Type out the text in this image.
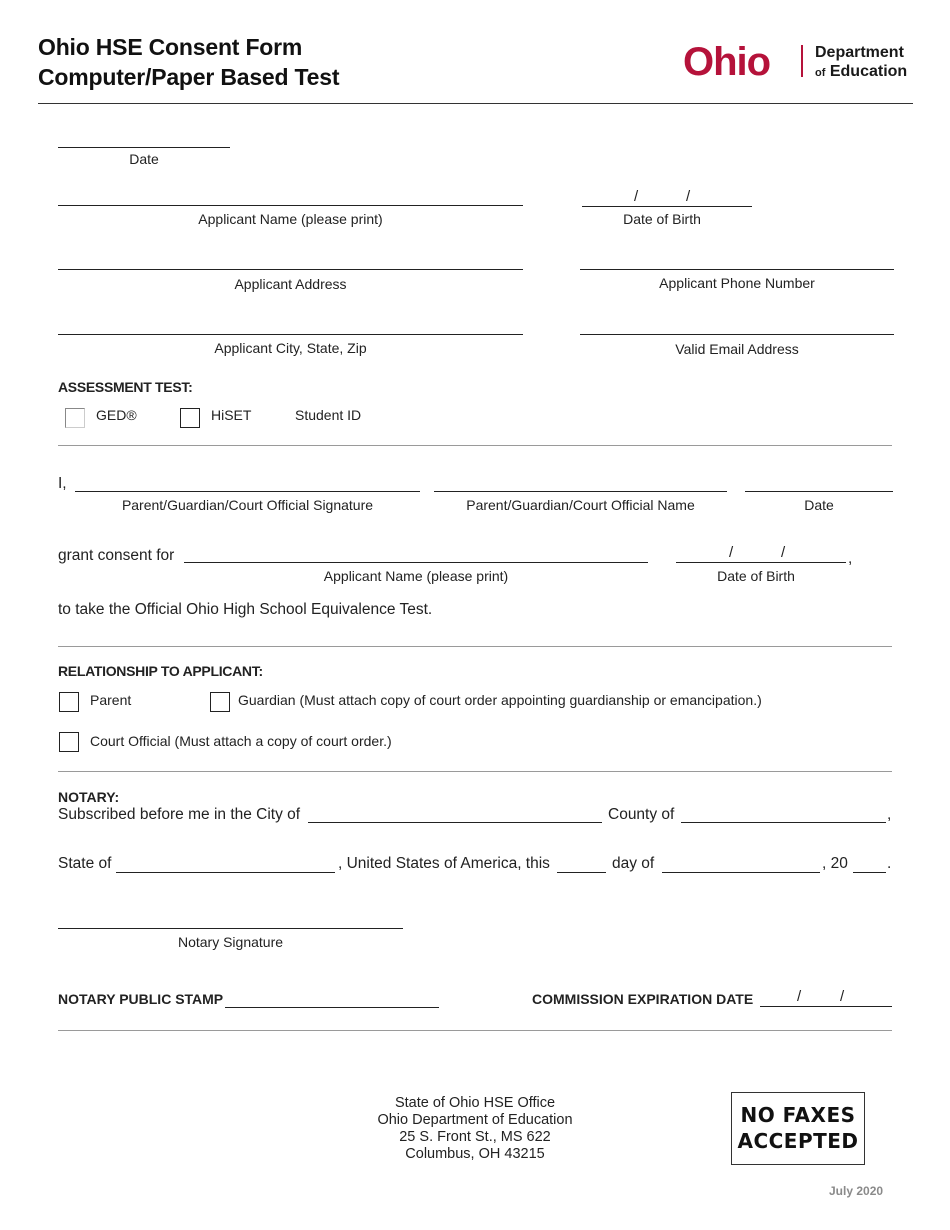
Ohio HSE Consent Form
Computer/Paper Based Test	Ohio	Department
of Education
Date
Applicant Name (please print)
/	/
Date of Birth
Applicant Address	Applicant Phone Number
Applicant City, State, Zip	Valid Email Address
ASSESSMENT TEST:
GED®	HiSET	Student ID
I,
Parent/Guardian/Court Official Signature	Parent/Guardian/Court Official Name	Date
grant consent for
Applicant Name (please print)
/	/	,
Date of Birth
to take the Official Ohio High School Equivalence Test.
RELATIONSHIP TO APPLICANT:
Parent	Guardian (Must attach copy of court order appointing guardianship or emancipation.)
Court Official (Must attach a copy of court order.)
NOTARY:
Subscribed before me in the City of	County of	,
State of	, United States of America, this	day of	, 20	.
Notary Signature
NOTARY PUBLIC STAMP	COMMISSION EXPIRATION DATE	/	/
State of Ohio HSE Office
Ohio Department of Education
25 S. Front St., MS 622
Columbus, OH 43215
NO FAXES
ACCEPTED
July 2020
